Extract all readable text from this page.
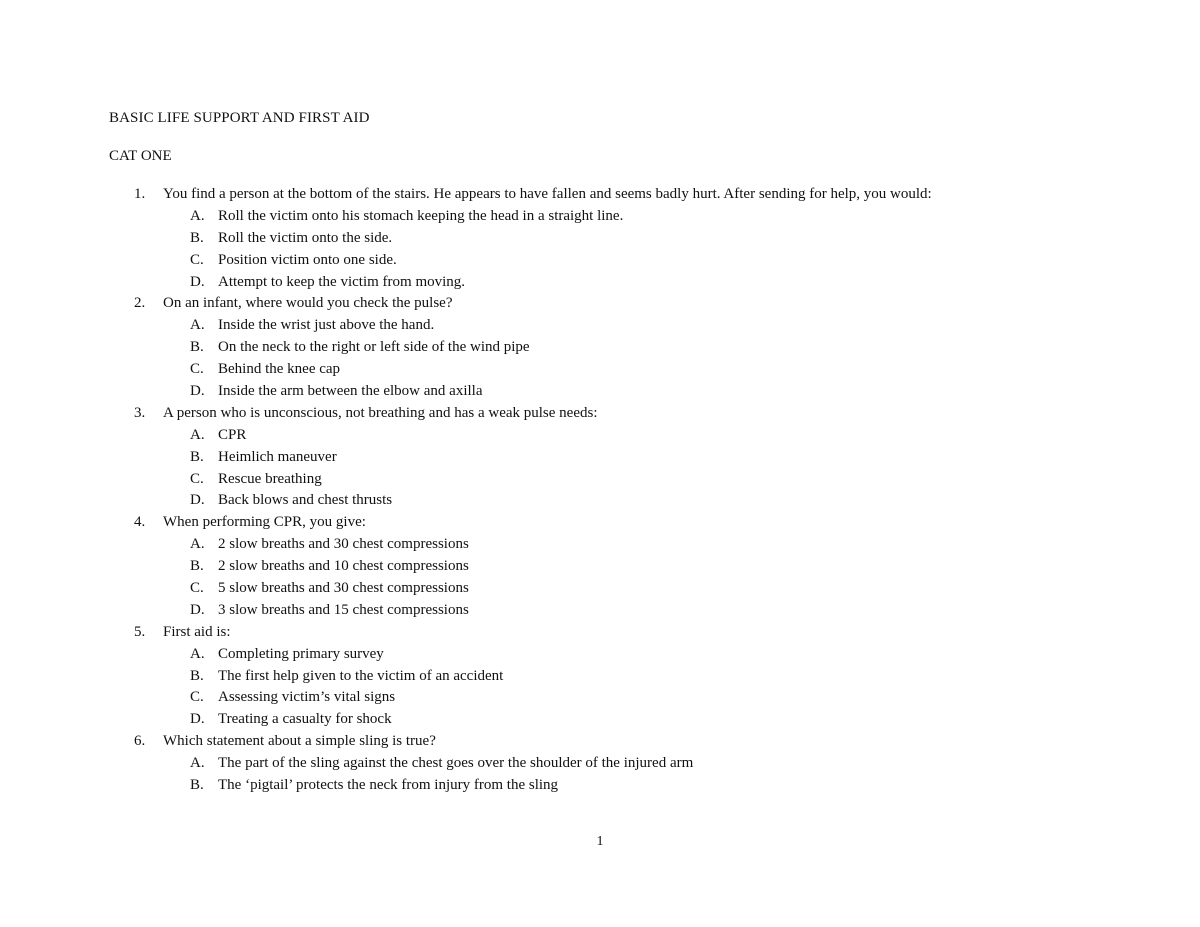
BASIC LIFE SUPPORT AND FIRST AID
CAT ONE
1.	You find a person at the bottom of the stairs. He appears to have fallen and seems badly hurt. After sending for help, you would:
A. Roll the victim onto his stomach keeping the head in a straight line.
B. Roll the victim onto the side.
C. Position victim onto one side.
D. Attempt to keep the victim from moving.
2.	On an infant, where would you check the pulse?
A. Inside the wrist just above the hand.
B. On the neck to the right or left side of the wind pipe
C. Behind the knee cap
D. Inside the arm between the elbow and axilla
3.	A person who is unconscious, not breathing and has a weak pulse needs:
A. CPR
B. Heimlich maneuver
C. Rescue breathing
D. Back blows and chest thrusts
4.	When performing CPR, you give:
A. 2 slow breaths and 30 chest compressions
B. 2 slow breaths and 10 chest compressions
C. 5 slow breaths and 30 chest compressions
D. 3 slow breaths and 15 chest compressions
5.	First aid is:
A. Completing primary survey
B. The first help given to the victim of an accident
C. Assessing victim’s vital signs
D. Treating a casualty for shock
6.	Which statement about a simple sling is true?
A. The part of the sling against the chest goes over the shoulder of the injured arm
B. The ‘pigtail’ protects the neck from injury from the sling
1
